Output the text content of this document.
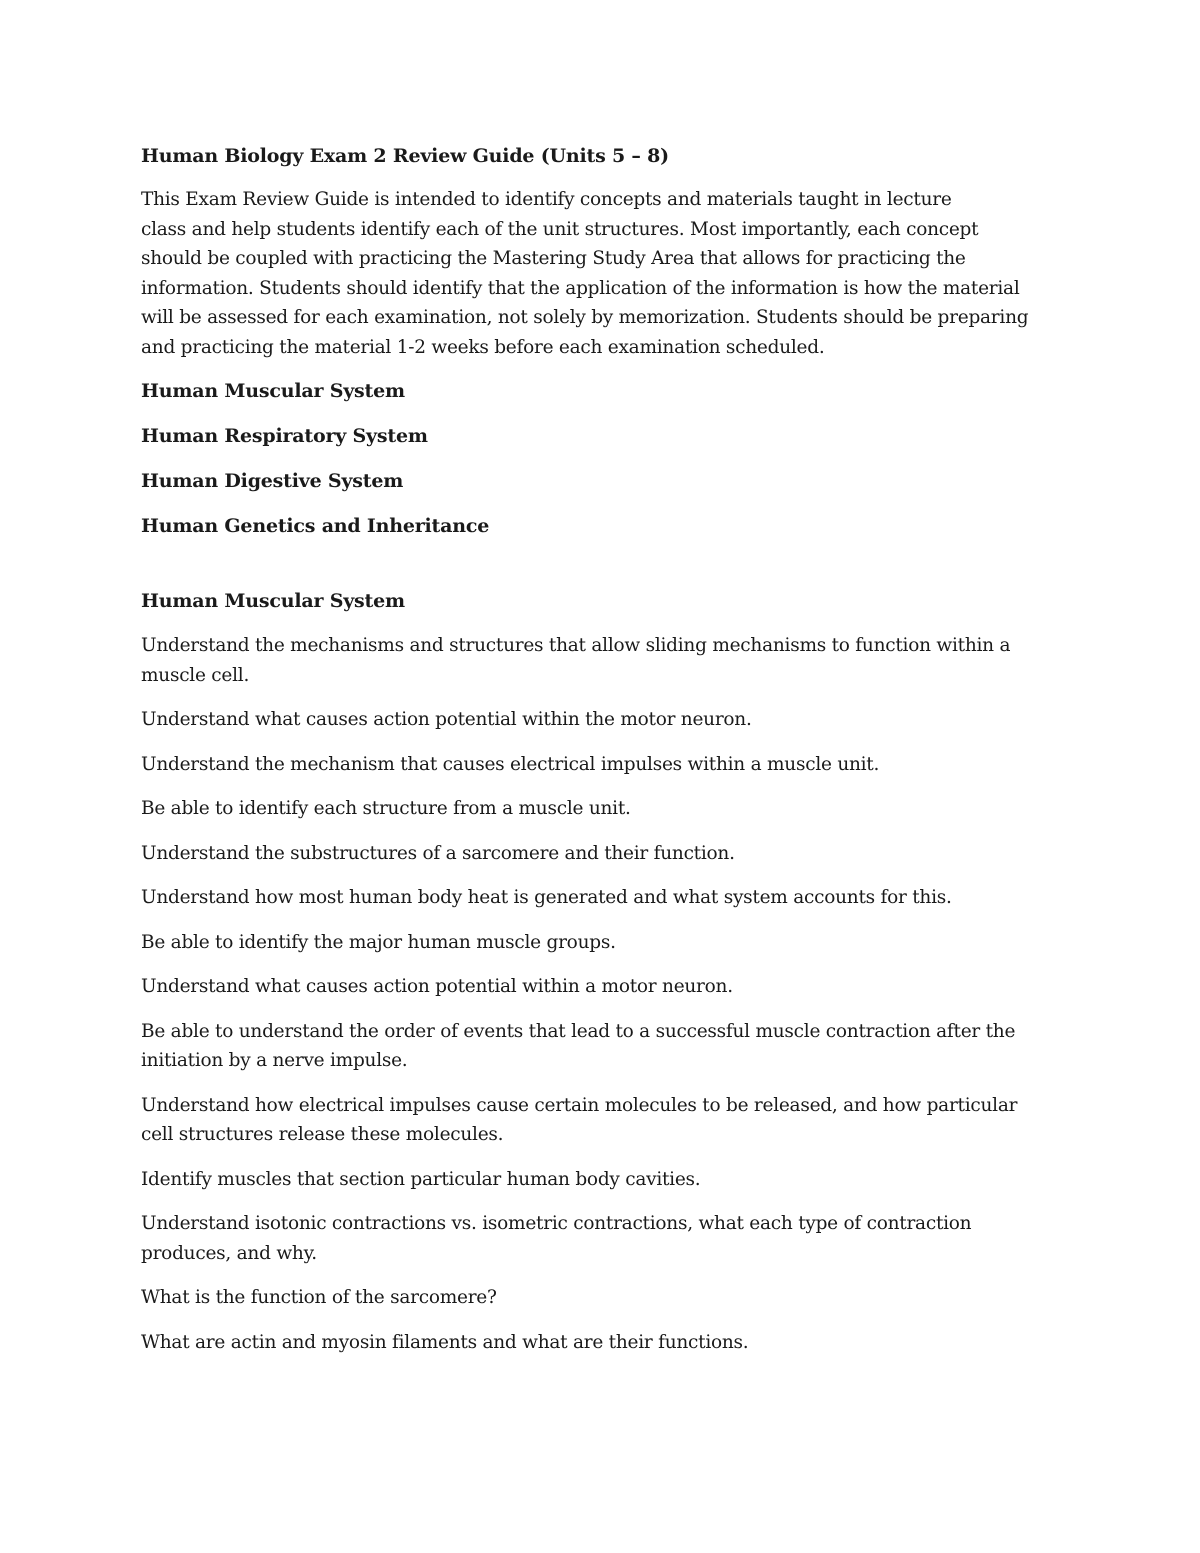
Human Biology Exam 2 Review Guide (Units 5 – 8)

This Exam Review Guide is intended to identify concepts and materials taught in lecture

class and help students identify each of the unit structures. Most importantly, each concept

should be coupled with practicing the Mastering Study Area that allows for practicing the

information. Students should identify that the application of the information is how the material

will be assessed for each examination, not solely by memorization. Students should be preparing

and practicing the material 1-2 weeks before each examination scheduled.

Human Muscular System
Human Respiratory System
Human Digestive System
Human Genetics and Inheritance
Human Muscular System
Understand the mechanisms and structures that allow sliding mechanisms to function within a
muscle cell.
Understand what causes action potential within the motor neuron.
Understand the mechanism that causes electrical impulses within a muscle unit.
Be able to identify each structure from a muscle unit.
Understand the substructures of a sarcomere and their function.
Understand how most human body heat is generated and what system accounts for this.
Be able to identify the major human muscle groups.
Understand what causes action potential within a motor neuron.
Be able to understand the order of events that lead to a successful muscle contraction after the
initiation by a nerve impulse.
Understand how electrical impulses cause certain molecules to be released, and how particular
cell structures release these molecules.
Identify muscles that section particular human body cavities.
Understand isotonic contractions vs. isometric contractions, what each type of contraction
produces, and why.
What is the function of the sarcomere?
What are actin and myosin filaments and what are their functions.
